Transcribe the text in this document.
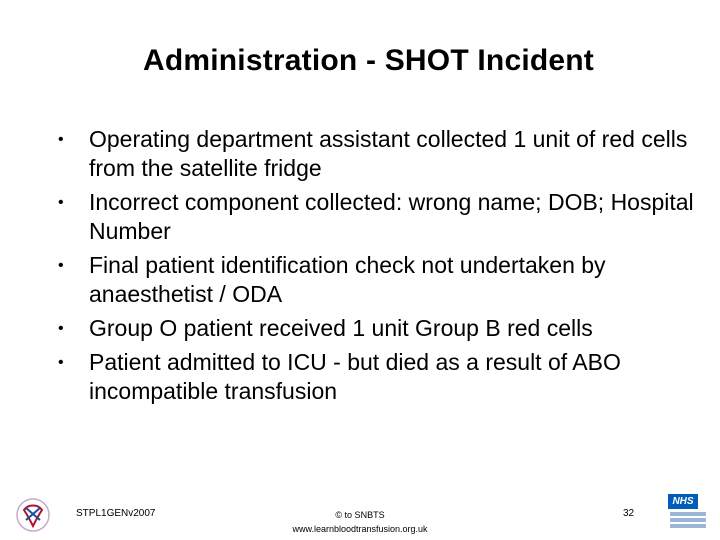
Administration - SHOT Incident
• Operating department assistant collected 1 unit of red cells from the satellite fridge
• Incorrect component collected: wrong name; DOB; Hospital Number
• Final patient identification check not undertaken by anaesthetist / ODA
• Group O patient received 1 unit Group B red cells
• Patient admitted to ICU - but died as a result of ABO incompatible transfusion
STPL1GENv2007	© to SNBTS
www.learnbloodtransfusion.org.uk
32
NHS
